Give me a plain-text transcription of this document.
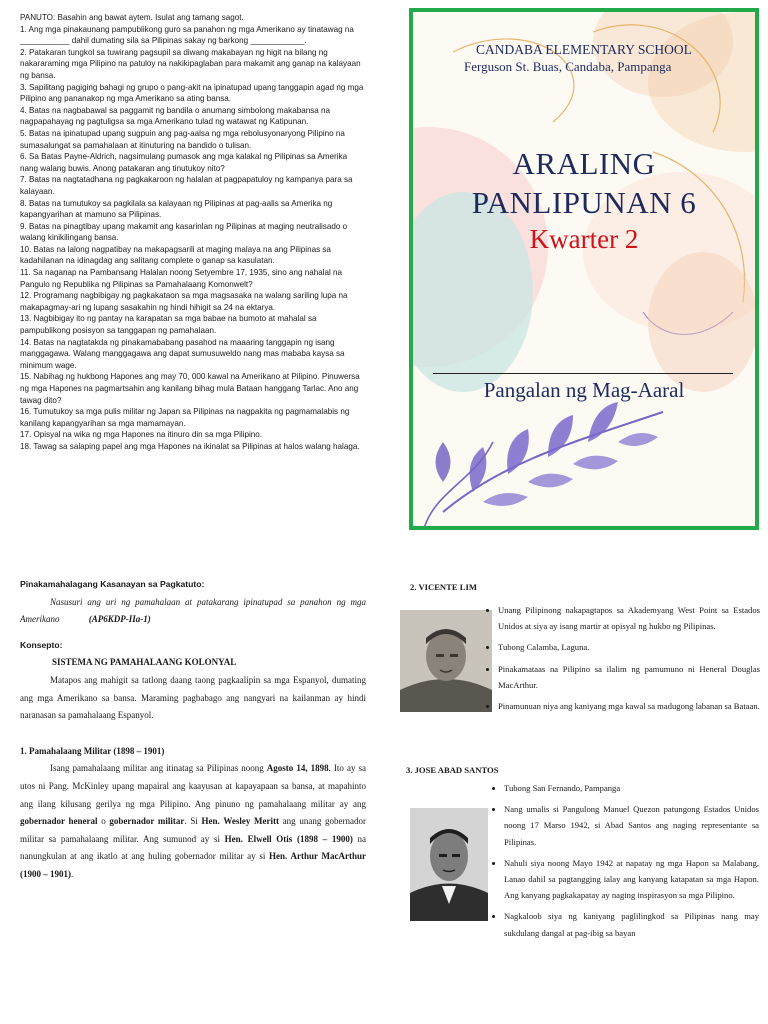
PANUTO: Basahin ang bawat aytem. Isulat ang tamang sagot.

1. Ang mga pinakaunang pampublikong guro sa panahon ng mga Amerikano ay tinatawag na ___________ dahil dumating sila sa Pilipinas sakay ng barkong ____________.

2. Patakaran tungkol sa tuwirang pagsupil sa diwang makabayan ng higit na bilang ng nakararaming mga Pilipino na patuloy na nakikipaglaban para makamit ang ganap na kalayaan ng bansa.

3. Sapilitang pagiging bahagi ng grupo o pang-akit na ipinatupad upang tanggapin agad ng mga Pilipino ang pananakop ng mga Amerikano sa ating bansa.

4. Batas na nagbabawal sa paggamit ng bandila o anumang simbolong makabansa na nagpapahayag ng pagtuligsa sa mga Amerikano tulad ng watawat ng Katipunan.

5. Batas na ipinatupad upang sugpuin ang pag-aalsa ng mga rebolusyonaryong Pilipino na sumasalungat sa pamahalaan at itinuturing na bandido o tulisan.

6. Sa Batas Payne-Aldrich, nagsimulang pumasok ang mga kalakal ng Pilipinas sa Amerika nang walang buwis. Anong patakaran ang tinutukoy nito?

7. Batas na nagtatadhana ng pagkakaroon ng halalan at pagpapatuloy ng kampanya para sa kalayaan.

8. Batas na tumutukoy sa pagkilala sa kalayaan ng Pilipinas at pag-aalis sa Amerika ng kapangyarihan at mamuno sa Pilipinas.

9. Batas na pinagtibay upang makamit ang kasarinlan ng Pilipinas at maging neutralisado o walang kinikilingang bansa.

10. Batas na lalong nagpatibay na makapagsarili at maging malaya na ang Pilipinas sa kadahilanan na idinagdag ang salitang complete o ganap sa kasulatan.

11. Sa naganap na Pambansang Halalan noong Setyembre 17, 1935, sino ang nahalal na Pangulo ng Republika ng Pilipinas sa Pamahalaang Komonwelt?

12. Programang nagbibigay ng pagkakataon sa mga magsasaka na walang sariling lupa na makapagmay-ari ng lupang sasakahin ng hindi hihigit sa 24 na ektarya.

13. Nagbibigay ito ng pantay na karapatan sa mga babae na bumoto at mahalal sa pampublikong posisyon sa tanggapan ng pamahalaan.

14. Batas na nagtatakda ng pinakamababang pasahod na maaaring tanggapin ng isang manggagawa. Walang manggagawa ang dapat sumusuweldo nang mas mababa kaysa sa minimum wage.

15. Nabihag ng hukbong Hapones ang may 70, 000 kawal na Amerikano at Pilipino. Pinuwersa ng mga Hapones na pagmartsahin ang kanilang bihag mula Bataan hanggang Tarlac. Ano ang tawag dito?

16. Tumutukoy sa mga pulis militar ng Japan sa Pilipinas na nagpakita ng pagmamalabis ng kanilang kapangyarihan sa mga mamamayan.

17. Opisyal na wika ng mga Hapones na itinuro din sa mga Pilipino.

18. Tawag sa salaping papel ang mga Hapones na ikinalat sa Pilipinas at halos walang halaga.

CANDABA ELEMENTARY SCHOOL
Ferguson St. Buas, Candaba, Pampanga
ARALING
PANLIPUNAN 6
Kwarter 2
Pangalan ng Mag-Aaral

Pinakamahalagang Kasanayan sa Pagkatuto:

Nasusuri ang uri ng pamahalaan at patakarang ipinatupad sa panahon ng mga Amerikano	(AP6KDP-IIa-1)

Konsepto:

SISTEMA NG PAMAHALAANG KOLONYAL

Matapos ang mahigit sa tatlong daang taong pagkaalipin sa mga Espanyol, dumating ang mga Amerikano sa bansa. Maraming pagbabago ang nangyari na kailanman ay hindi naranasan sa pamahalaang Espanyol.

1. Pamahalaang Militar (1898 – 1901)

Isang pamahalaang militar ang itinatag sa Pilipinas noong Agosto 14, 1898. Ito ay sa utos ni Pang. McKinley upang mapairal ang kaayusan at kapayapaan sa bansa, at mapahinto ang ilang kilusang gerilya ng mga Pilipino. Ang pinuno ng pamahalaang militar ay ang gobernador heneral o gobernador militar. Si Hen. Wesley Meritt ang unang gobernador militar sa pamahalaang militar. Ang sumunod ay si Hen. Elwell Otis (1898 – 1900) na nanungkulan at ang ikatlo at ang huling gobernador militar ay si Hen. Arthur MacArthur (1900 – 1901).

2. VICENTE LIM
• Unang Pilipinong nakapagtapos sa Akademyang West Point sa Estados Unidos at siya ay isang martir at opisyal ng hukbo ng Pilipinas.
• Tubong Calamba, Laguna.
• Pinakamataas na Pilipino sa ilalim ng pamumuno ni Heneral Douglas MacArthur.
• Pinamunuan niya ang kaniyang mga kawal sa madugong labanan sa Bataan.
3. JOSE ABAD SANTOS
• Tubong San Fernando, Pampanga
• Nang umalis si Pangulong Manuel Quezon patungong Estados Unidos noong 17 Marso 1942, si Abad Santos ang naging representante sa Pilipinas.
• Nahuli siya noong Mayo 1942 at napatay ng mga Hapon sa Malabang, Lanao dahil sa pagtangging ialay ang kanyang katapatan sa mga Hapon. Ang kanyang pagkakapatay ay naging inspirasyon sa mga Pilipino.
• Nagkaloob siya ng kaniyang paglilingkod sa Pilipinas nang may sukdulang dangal at pag-ibig sa bayan
